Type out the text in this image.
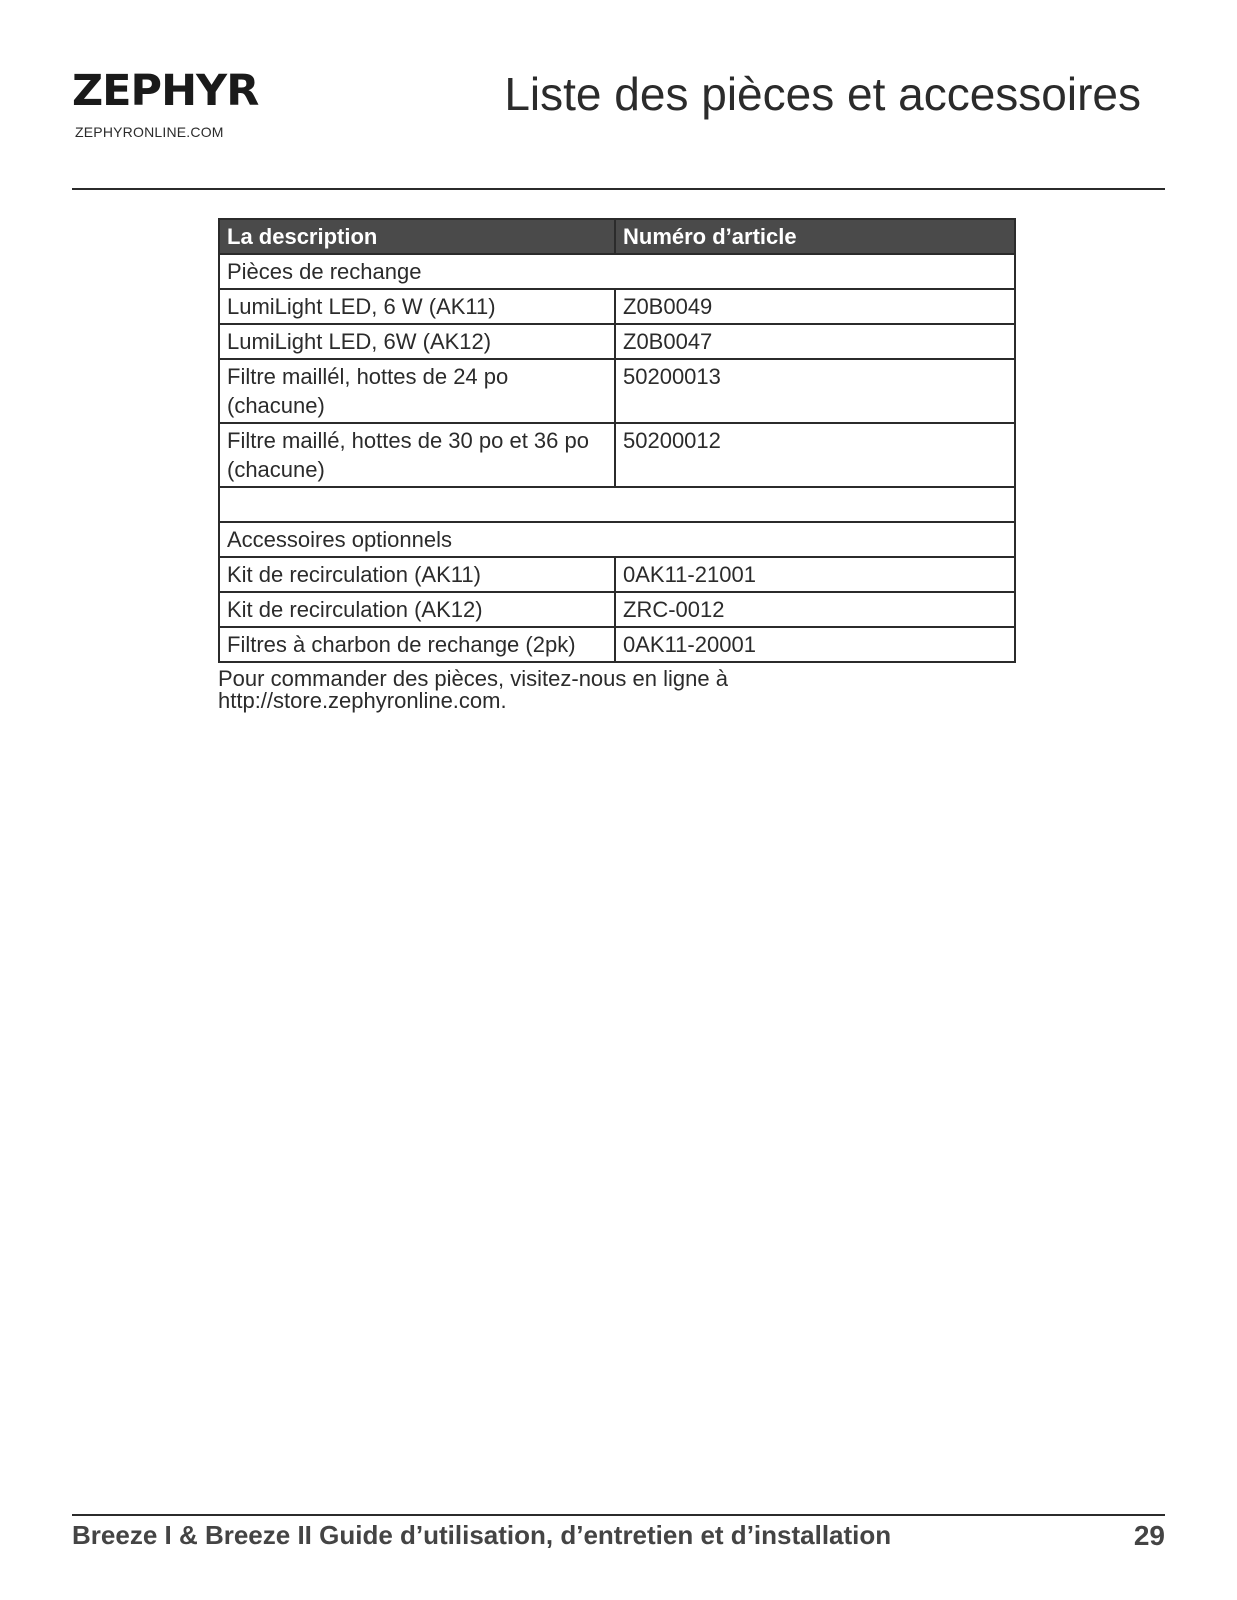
ZEPHYR
ZEPHYRONLINE.COM
Liste des pièces et accessoires
La description	Numéro d’article
Pièces de rechange	
LumiLight LED, 6 W (AK11)	Z0B0049
LumiLight LED, 6W (AK12)	Z0B0047
Filtre maillél, hottes de 24 po (chacune)	50200013
Filtre maillé, hottes de 30 po et 36 po (chacune)	50200012

Accessoires optionnels	
Kit de recirculation (AK11)	0AK11-21001
Kit de recirculation (AK12)	ZRC-0012
Filtres à charbon de rechange (2pk)	0AK11-20001
Pour commander des pièces, visitez-nous en ligne à
http://store.zephyronline.com.
Breeze I & Breeze II Guide d’utilisation, d’entretien et d’installation	29
